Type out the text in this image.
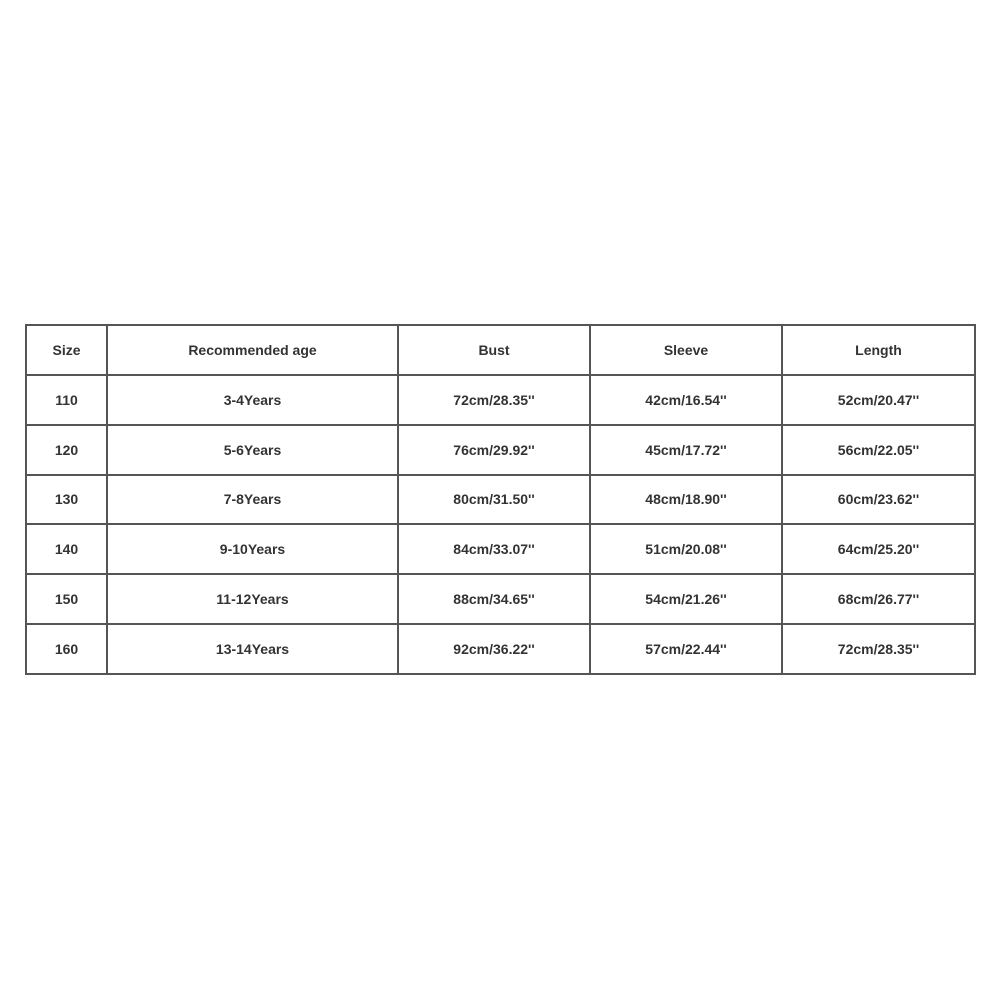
Size	Recommended age	Bust	Sleeve	Length
110	3-4Years	72cm/28.35''	42cm/16.54''	52cm/20.47''
120	5-6Years	76cm/29.92''	45cm/17.72''	56cm/22.05''
130	7-8Years	80cm/31.50''	48cm/18.90''	60cm/23.62''
140	9-10Years	84cm/33.07''	51cm/20.08''	64cm/25.20''
150	11-12Years	88cm/34.65''	54cm/21.26''	68cm/26.77''
160	13-14Years	92cm/36.22''	57cm/22.44''	72cm/28.35''
